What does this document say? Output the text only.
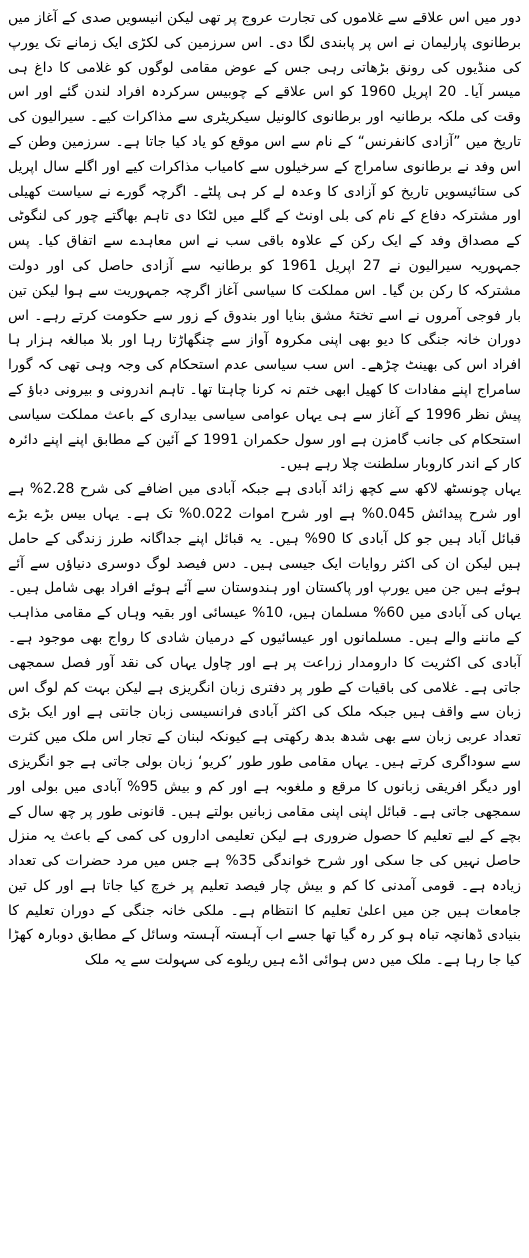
دور میں اس علاقے سے غلاموں کی تجارت عروج پر تھی لیکن انیسویں صدی کے آغاز میں برطانوی پارلیمان نے اس پر پابندی لگا دی۔ اس سرزمین کی لکڑی ایک زمانے تک یورپ کی منڈیوں کی رونق بڑھاتی رہی جس کے عوض مقامی لوگوں کو غلامی کا داغ ہی میسر آیا۔ 20 اپریل 1960 کو اس علاقے کے چوبیس سرکردہ افراد لندن گئے اور اس وقت کی ملکہ برطانیہ اور برطانوی کالونیل سیکریٹری سے مذاکرات کیے۔ سیرالیون کی تاریخ میں ”آزادی کانفرنس“ کے نام سے اس موقع کو یاد کیا جاتا ہے۔ سرزمین وطن کے اس وفد نے برطانوی سامراج کے سرخیلوں سے کامیاب مذاکرات کیے اور اگلے سال اپریل کی ستائیسویں تاریخ کو آزادی کا وعدہ لے کر ہی پلٹے۔ اگرچہ گورے نے سیاست کھیلی اور مشترکہ دفاع کے نام کی بلی اونٹ کے گلے میں لٹکا دی تاہم بھاگتے چور کی لنگوٹی کے مصداق وفد کے ایک رکن کے علاوہ باقی سب نے اس معاہدے سے اتفاق کیا۔ پس جمہوریہ سیرالیون نے 27 اپریل 1961 کو برطانیہ سے آزادی حاصل کی اور دولت مشترکہ کا رکن بن گیا۔ اس مملکت کا سیاسی آغاز اگرچہ جمہوریت سے ہوا لیکن تین بار فوجی آمروں نے اسے تختۂ مشق بنایا اور بندوق کے زور سے حکومت کرتے رہے۔ اس دوران خانہ جنگی کا دیو بھی اپنی مکروہ آواز سے چنگھاڑتا رہا اور بلا مبالغہ ہزار ہا افراد اس کی بھینٹ چڑھے۔ اس سب سیاسی عدم استحکام کی وجہ وہی تھی کہ گورا سامراج اپنے مفادات کا کھیل ابھی ختم نہ کرنا چاہتا تھا۔ تاہم اندرونی و بیرونی دباؤ کے پیش نظر 1996 کے آغاز سے ہی یہاں عوامی سیاسی بیداری کے باعث مملکت سیاسی استحکام کی جانب گامزن ہے اور سول حکمران 1991 کے آئین کے مطابق اپنے اپنے دائرہ کار کے اندر کاروبار سلطنت چلا رہے ہیں۔

یہاں چونسٹھ لاکھ سے کچھ زائد آبادی ہے جبکہ آبادی میں اضافے کی شرح 2.28% ہے اور شرح پیدائش 0.045% ہے اور شرح اموات 0.022% تک ہے۔ یہاں بیس بڑے بڑے قبائل آباد ہیں جو کل آبادی کا 90% ہیں۔ یہ قبائل اپنے جداگانہ طرز زندگی کے حامل ہیں لیکن ان کی اکثر روایات ایک جیسی ہیں۔ دس فیصد لوگ دوسری دنیاؤں سے آئے ہوئے ہیں جن میں یورپ اور پاکستان اور ہندوستان سے آئے ہوئے افراد بھی شامل ہیں۔ یہاں کی آبادی میں 60% مسلمان ہیں، 10% عیسائی اور بقیہ وہاں کے مقامی مذاہب کے ماننے والے ہیں۔ مسلمانوں اور عیسائیوں کے درمیان شادی کا رواج بھی موجود ہے۔ آبادی کی اکثریت کا دارومدار زراعت پر ہے اور چاول یہاں کی نقد آور فصل سمجھی جاتی ہے۔ غلامی کی باقیات کے طور پر دفتری زبان انگریزی ہے لیکن بہت کم لوگ اس زبان سے واقف ہیں جبکہ ملک کی اکثر آبادی فرانسیسی زبان جانتی ہے اور ایک بڑی تعداد عربی زبان سے بھی شدھ بدھ رکھتی ہے کیونکہ لبنان کے تجار اس ملک میں کثرت سے سوداگری کرتے ہیں۔ یہاں مقامی طور طور ’کریو‘ زبان بولی جاتی ہے جو انگریزی اور دیگر افریقی زبانوں کا مرقع و ملغوبہ ہے اور کم و بیش 95% آبادی میں بولی اور سمجھی جاتی ہے۔ قبائل اپنی اپنی مقامی زبانیں بولتے ہیں۔ قانونی طور پر چھ سال کے بچے کے لیے تعلیم کا حصول ضروری ہے لیکن تعلیمی اداروں کی کمی کے باعث یہ منزل حاصل نہیں کی جا سکی اور شرح خواندگی 35% ہے جس میں مرد حضرات کی تعداد زیادہ ہے۔ قومی آمدنی کا کم و بیش چار فیصد تعلیم پر خرچ کیا جاتا ہے اور کل تین جامعات ہیں جن میں اعلیٰ تعلیم کا انتظام ہے۔ ملکی خانہ جنگی کے دوران تعلیم کا بنیادی ڈھانچہ تباہ ہو کر رہ گیا تھا جسے اب آہستہ آہستہ وسائل کے مطابق دوبارہ کھڑا کیا جا رہا ہے۔ ملک میں دس ہوائی اڈے ہیں ریلوے کی سہولت سے یہ ملک
